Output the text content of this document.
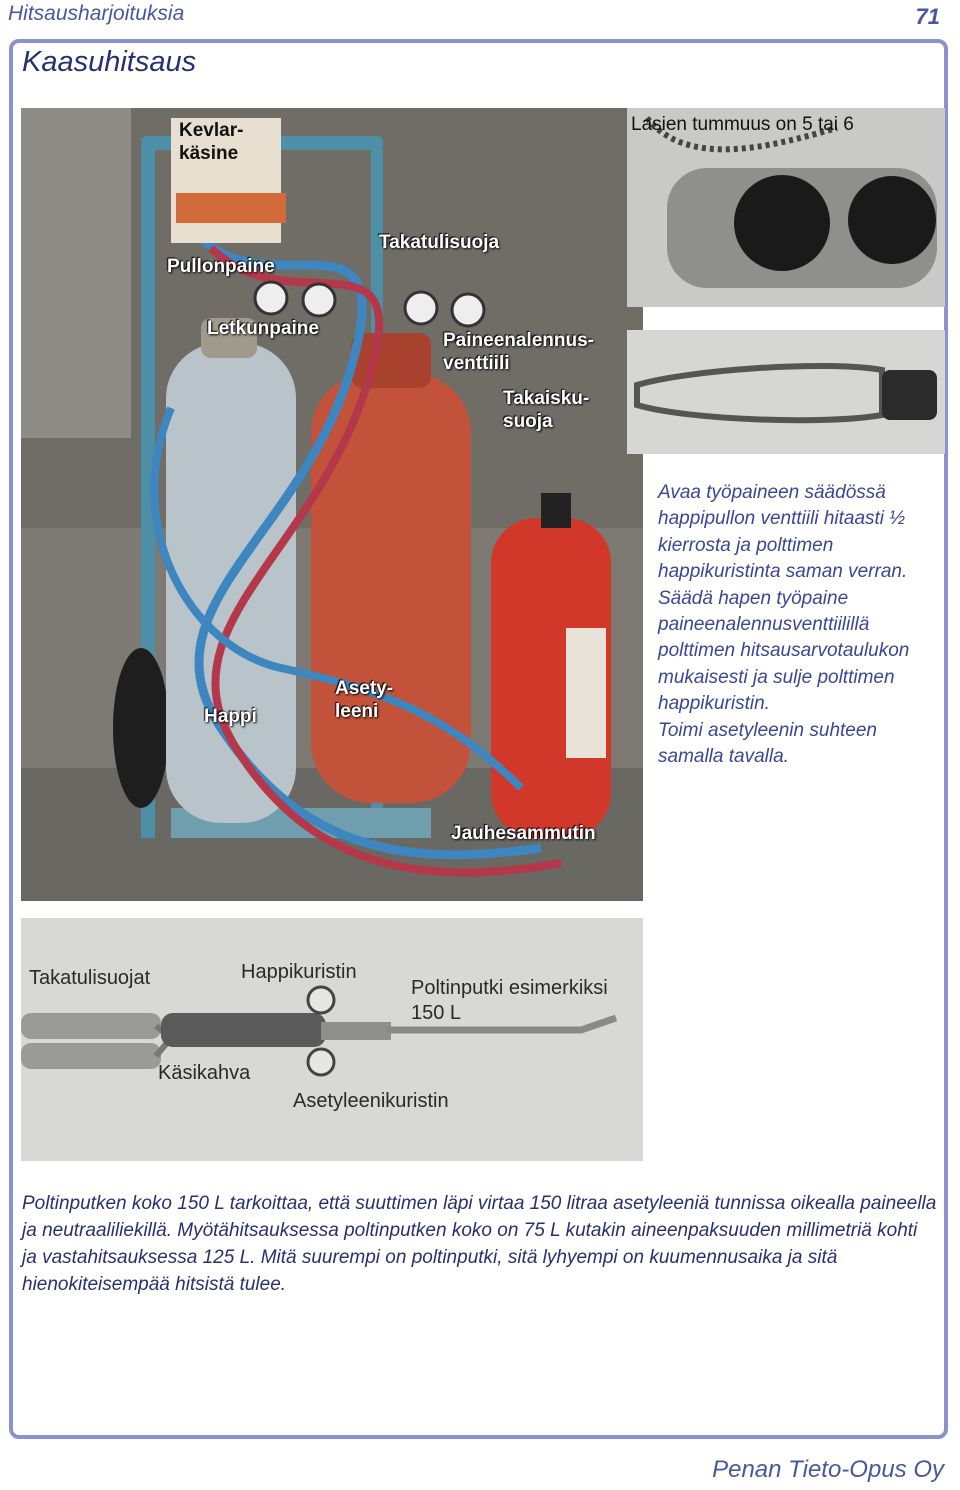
Hitsausharjoituksia	71
Kaasuhitsaus
Kevlar-
käsine
Pullonpaine
Takatulisuoja
Letkunpaine
Paineenalennus-
venttiili
Takaisku-
suoja
Happi
Asety-
leeni
Jauhesammutin
Lasien tummuus on 5 tai 6

Avaa työpaineen säädössä happipullon venttiili hitaasti ½ kierrosta ja polttimen happikuristinta saman verran.

Säädä hapen työpaine paineenalennusventtiilillä polttimen hitsausarvotaulukon mukaisesti ja sulje polttimen happikuristin.

Toimi asetyleenin suhteen samalla tavalla.

Takatulisuojat	Happikuristin
Poltinputki esimerkiksi
150 L
Käsikahva
Asetyleenikuristin
Poltinputken koko 150 L tarkoittaa, että suuttimen läpi virtaa 150 litraa asetyleeniä tunnissa oikealla paineella ja neutraaliliekillä. Myötähitsauksessa poltinputken koko on 75 L kutakin aineenpaksuuden millimetriä kohti ja vastahitsauksessa 125 L. Mitä suurempi on poltinputki, sitä lyhyempi on kuumennusaika ja sitä hienokiteisempää hitsistä tulee.
Penan Tieto-Opus Oy
